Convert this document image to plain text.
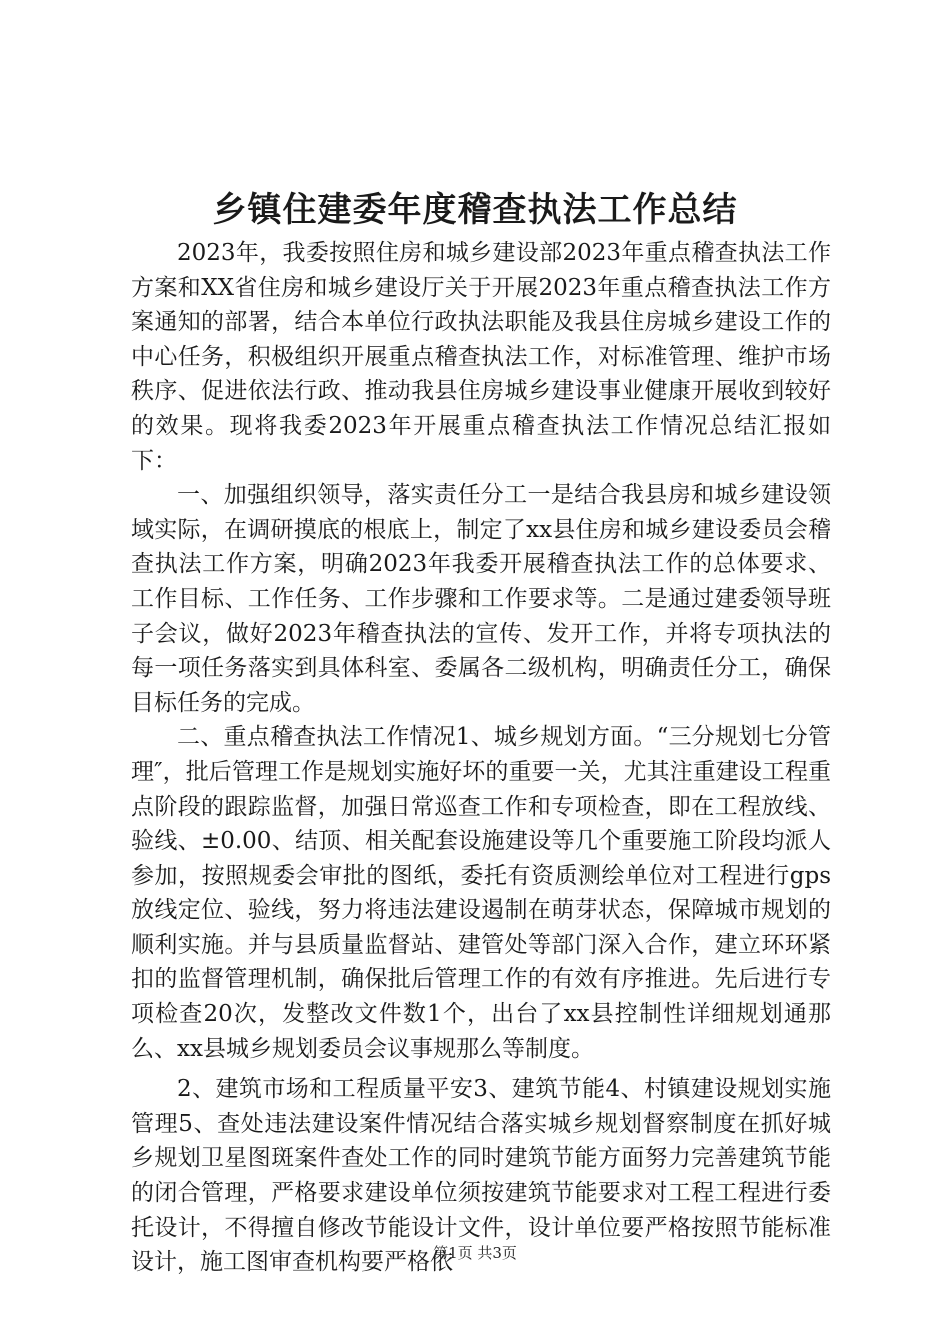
乡镇住建委年度稽查执法工作总结

2023年，我委按照住房和城乡建设部2023年重点稽查执法工作方案和XX省住房和城乡建设厅关于开展2023年重点稽查执法工作方案通知的部署，结合本单位行政执法职能及我县住房城乡建设工作的中心任务，积极组织开展重点稽查执法工作，对标准管理、维护市场秩序、促进依法行政、推动我县住房城乡建设事业健康开展收到较好的效果。现将我委2023年开展重点稽查执法工作情况总结汇报如下：

一、加强组织领导，落实责任分工一是结合我县房和城乡建设领域实际，在调研摸底的根底上，制定了xx县住房和城乡建设委员会稽查执法工作方案，明确2023年我委开展稽查执法工作的总体要求、工作目标、工作任务、工作步骤和工作要求等。二是通过建委领导班子会议，做好2023年稽查执法的宣传、发开工作，并将专项执法的每一项任务落实到具体科室、委属各二级机构，明确责任分工，确保目标任务的完成。

二、重点稽查执法工作情况1、城乡规划方面。“三分规划七分管理″，批后管理工作是规划实施好坏的重要一关，尤其注重建设工程重点阶段的跟踪监督，加强日常巡查工作和专项检查，即在工程放线、验线、±0.00、结顶、相关配套设施建设等几个重要施工阶段均派人参加，按照规委会审批的图纸，委托有资质测绘单位对工程进行gps放线定位、验线，努力将违法建设遏制在萌芽状态，保障城市规划的顺利实施。并与县质量监督站、建管处等部门深入合作，建立环环紧扣的监督管理机制，确保批后管理工作的有效有序推进。先后进行专项检查20次，发整改文件数1个，出台了xx县控制性详细规划通那么、xx县城乡规划委员会议事规那么等制度。

2、建筑市场和工程质量平安3、建筑节能4、村镇建设规划实施管理5、查处违法建设案件情况结合落实城乡规划督察制度在抓好城乡规划卫星图斑案件查处工作的同时建筑节能方面努力完善建筑节能的闭合管理，严格要求建设单位须按建筑节能要求对工程工程进行委托设计，不得擅自修改节能设计文件，设计单位要严格按照节能标准设计，施工图审查机构要严格依

第1页 共3页
